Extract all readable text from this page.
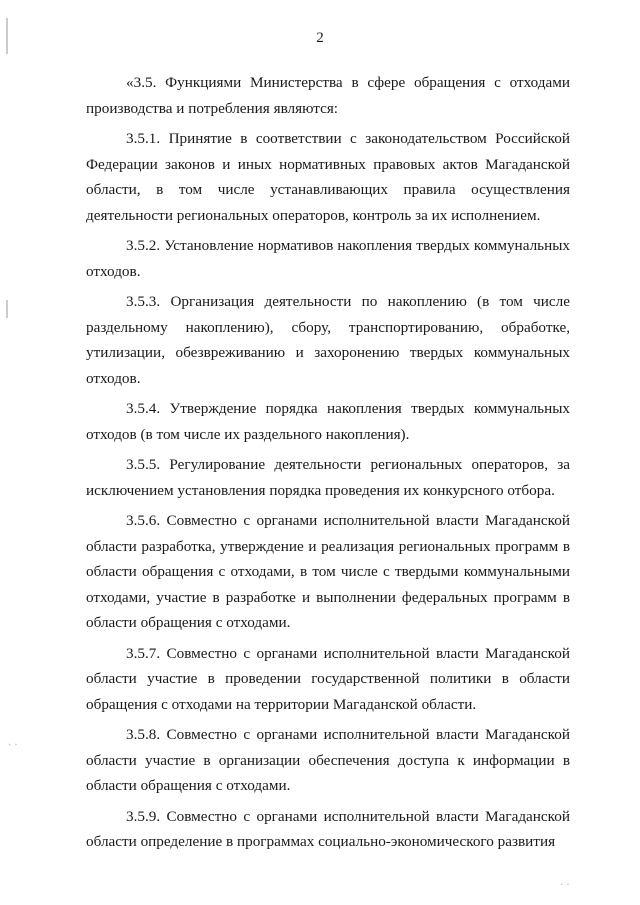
· ·
· ·
2

«3.5. Функциями Министерства в сфере обращения с отходами производства и потребления являются:

3.5.1. Принятие в соответствии с законодательством Российской Федерации законов и иных нормативных правовых актов Магаданской области, в том числе устанавливающих правила осуществления деятельности региональных операторов, контроль за их исполнением.

3.5.2. Установление нормативов накопления твердых коммунальных отходов.

3.5.3. Организация деятельности по накоплению (в том числе раздельному накоплению), сбору, транспортированию, обработке, утилизации, обезвреживанию и захоронению твердых коммунальных отходов.

3.5.4. Утверждение порядка накопления твердых коммунальных отходов (в том числе их раздельного накопления).

3.5.5. Регулирование деятельности региональных операторов, за исключением установления порядка проведения их конкурсного отбора.

3.5.6. Совместно с органами исполнительной власти Магаданской области разработка, утверждение и реализация региональных программ в области обращения с отходами, в том числе с твердыми коммунальными отходами, участие в разработке и выполнении федеральных программ в области обращения с отходами.

3.5.7. Совместно с органами исполнительной власти Магаданской области участие в проведении государственной политики в области обращения с отходами на территории Магаданской области.

3.5.8. Совместно с органами исполнительной власти Магаданской области участие в организации обеспечения доступа к информации в области обращения с отходами.

3.5.9. Совместно с органами исполнительной власти Магаданской области определение в программах социально-экономического развития
